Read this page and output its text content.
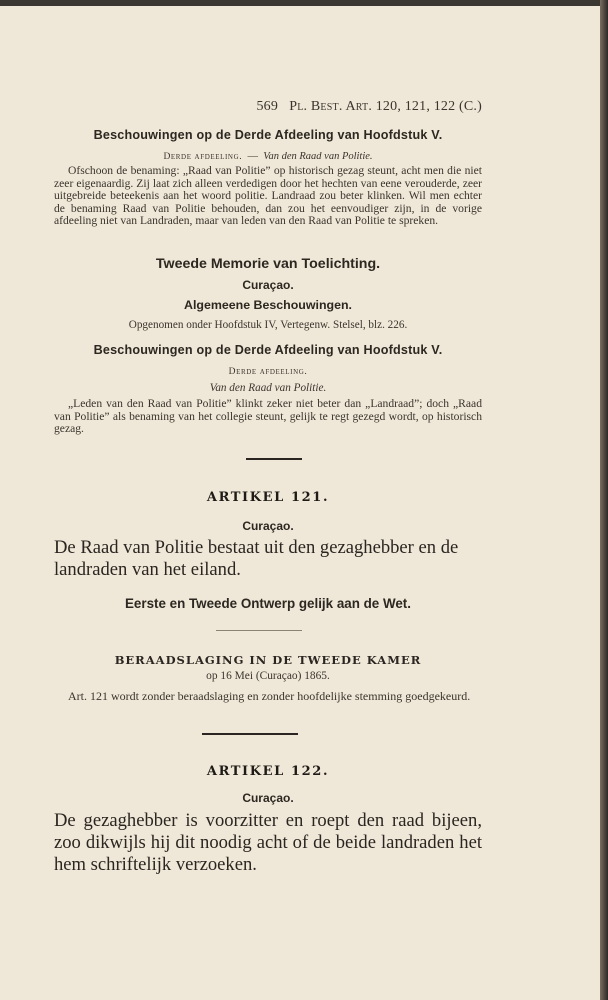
569 Pl. Best. Art. 120, 121, 122 (C.)
Beschouwingen op de Derde Afdeeling van Hoofdstuk V.
Derde afdeeling. — Van den Raad van Politie.
Ofschoon de benaming: „Raad van Politie” op historisch gezag steunt, acht men die niet zeer eigenaardig. Zij laat zich alleen verdedigen door het hechten van eene verouderde, zeer uitgebreide beteekenis aan het woord politie. Landraad zou beter klinken. Wil men echter de benaming Raad van Politie behouden, dan zou het eenvoudiger zijn, in de vorige afdeeling niet van Landraden, maar van leden van den Raad van Politie te spreken.
Tweede Memorie van Toelichting.
Curaçao.
Algemeene Beschouwingen.
Opgenomen onder Hoofdstuk IV, Vertegenw. Stelsel, blz. 226.
Beschouwingen op de Derde Afdeeling van Hoofdstuk V.
Derde afdeeling.
Van den Raad van Politie.
„Leden van den Raad van Politie” klinkt zeker niet beter dan „Landraad”; doch „Raad van Politie” als benaming van het collegie steunt, gelijk te regt gezegd wordt, op historisch gezag.
ARTIKEL 121.
Curaçao.
De Raad van Politie bestaat uit den gezaghebber en de landraden van het eiland.
Eerste en Tweede Ontwerp gelijk aan de Wet.
BERAADSLAGING IN DE TWEEDE KAMER
op 16 Mei (Curaçao) 1865.
Art. 121 wordt zonder beraadslaging en zonder hoofdelijke stemming goedgekeurd.
ARTIKEL 122.
Curaçao.
De gezaghebber is voorzitter en roept den raad bijeen, zoo dikwijls hij dit noodig acht of de beide landraden het hem schriftelijk verzoeken.
